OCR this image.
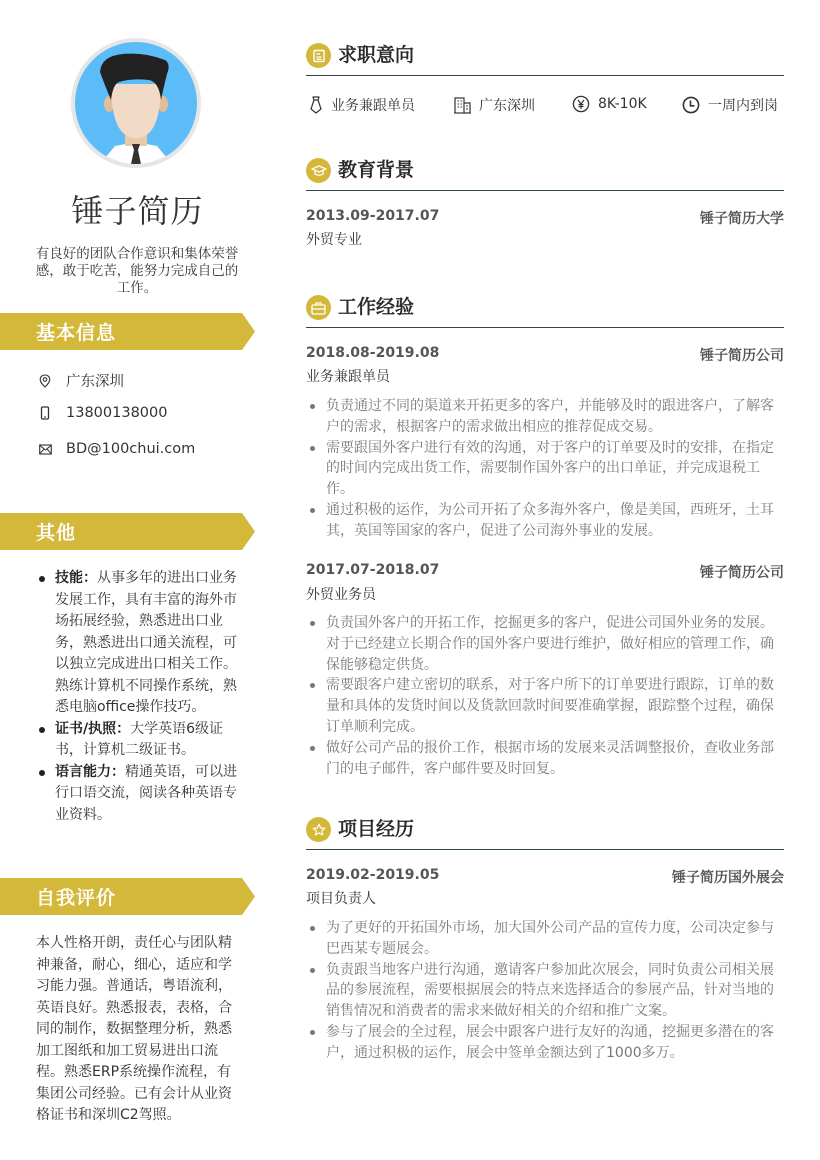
锤子简历
有良好的团队合作意识和集体荣誉感，敢于吃苦，能努力完成自己的工作。
基本信息
广东深圳
13800138000
BD@100chui.com
其他
技能：从事多年的进出口业务发展工作，具有丰富的海外市场拓展经验，熟悉进出口业务，熟悉进出口通关流程，可以独立完成进出口相关工作。 熟练计算机不同操作系统，熟悉电脑office操作技巧。
证书/执照：大学英语6级证书，计算机二级证书。
语言能力：精通英语，可以进行口语交流，阅读各种英语专业资料。
自我评价
本人性格开朗，责任心与团队精神兼备，耐心，细心，适应和学习能力强。普通话，粤语流利，英语良好。熟悉报表，表格，合同的制作，数据整理分析，熟悉加工图纸和加工贸易进出口流程。熟悉ERP系统操作流程，有集团公司经验。已有会计从业资格证书和深圳C2驾照。
求职意向
业务兼跟单员	广东深圳	8K-10K	一周内到岗
教育背景
2013.09-2017.07	锤子简历大学
外贸专业
工作经验
2018.08-2019.08	锤子简历公司
业务兼跟单员
负责通过不同的渠道来开拓更多的客户，并能够及时的跟进客户，了解客户的需求，根据客户的需求做出相应的推荐促成交易。
需要跟国外客户进行有效的沟通，对于客户的订单要及时的安排，在指定的时间内完成出货工作，需要制作国外客户的出口单证，并完成退税工作。
通过积极的运作，为公司开拓了众多海外客户，像是美国，西班牙，土耳其，英国等国家的客户，促进了公司海外事业的发展。
2017.07-2018.07	锤子简历公司
外贸业务员
负责国外客户的开拓工作，挖掘更多的客户，促进公司国外业务的发展。对于已经建立长期合作的国外客户要进行维护，做好相应的管理工作，确保能够稳定供货。
需要跟客户建立密切的联系，对于客户所下的订单要进行跟踪，订单的数量和具体的发货时间以及货款回款时间要准确掌握，跟踪整个过程，确保订单顺利完成。
做好公司产品的报价工作，根据市场的发展来灵活调整报价，查收业务部门的电子邮件，客户邮件要及时回复。
项目经历
2019.02-2019.05	锤子简历国外展会
项目负责人
为了更好的开拓国外市场，加大国外公司产品的宣传力度，公司决定参与巴西某专题展会。
负责跟当地客户进行沟通，邀请客户参加此次展会，同时负责公司相关展品的参展流程，需要根据展会的特点来选择适合的参展产品，针对当地的销售情况和消费者的需求来做好相关的介绍和推广文案。
参与了展会的全过程，展会中跟客户进行友好的沟通，挖掘更多潜在的客户，通过积极的运作，展会中签单金额达到了1000多万。
